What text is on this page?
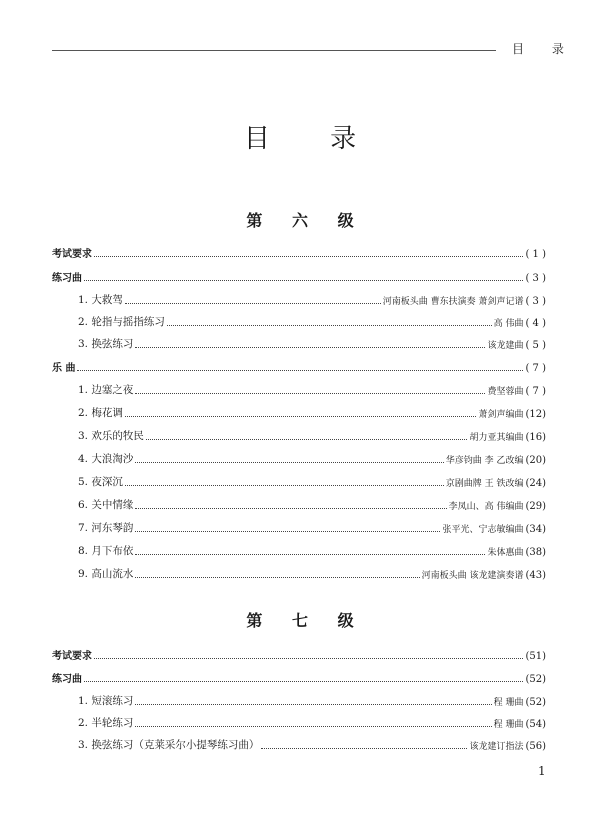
目 录
目 录
第 六 级
考试要求	( 1 )
练习曲	( 3 )
1. 大救驾	河南板头曲 曹东扶演奏 萧剑声记谱 ( 3 )
2. 轮指与摇指练习	高 伟曲 ( 4 )
3. 换弦练习	该龙建曲 ( 5 )
乐 曲	( 7 )
1. 边塞之夜	费坚蓉曲 ( 7 )
2. 梅花调	萧剑声编曲 (12)
3. 欢乐的牧民	胡力亚其编曲 (16)
4. 大浪淘沙	华彦钧曲 李 乙改编 (20)
5. 夜深沉	京剧曲牌 王 铁改编 (24)
6. 关中情缘	李凤山、高 伟编曲 (29)
7. 河东琴韵	张平光、宁志敏编曲 (34)
8. 月下布依	朱体惠曲 (38)
9. 高山流水	河南板头曲 该龙建演奏谱 (43)
第 七 级
考试要求	(51)
练习曲	(52)
1. 短滚练习	程 珊曲 (52)
2. 半轮练习	程 珊曲 (54)
3. 换弦练习（克莱采尔小提琴练习曲）	该龙建订指法 (56)
1
